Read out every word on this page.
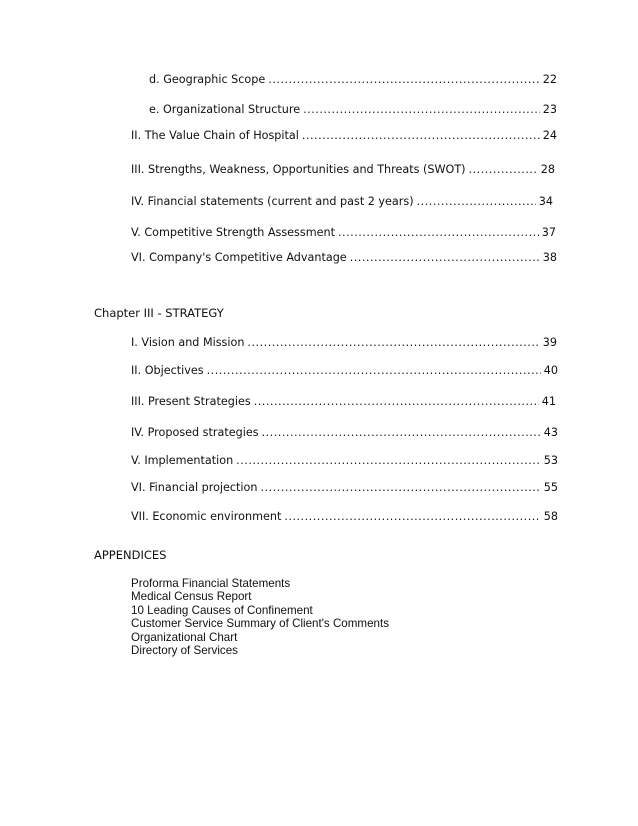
d. Geographic Scope .....	22
e. Organizational Structure .....	23
II. The Value Chain of Hospital .....	24
III. Strengths, Weakness, Opportunities and Threats (SWOT) .....	28
IV. Financial statements (current and past 2 years) .....	34
V. Competitive Strength Assessment .....	37
VI. Company's Competitive Advantage .....	38
Chapter III - STRATEGY
I. Vision and Mission .....	39
II. Objectives .....	40
III. Present Strategies .....	41
IV. Proposed strategies .....	43
V. Implementation .....	53
VI. Financial projection .....	55
VII. Economic environment .....	58
APPENDICES
Proforma Financial Statements
Medical Census Report
10 Leading Causes of Confinement
Customer Service Summary of Client's Comments
Organizational Chart
Directory of Services
